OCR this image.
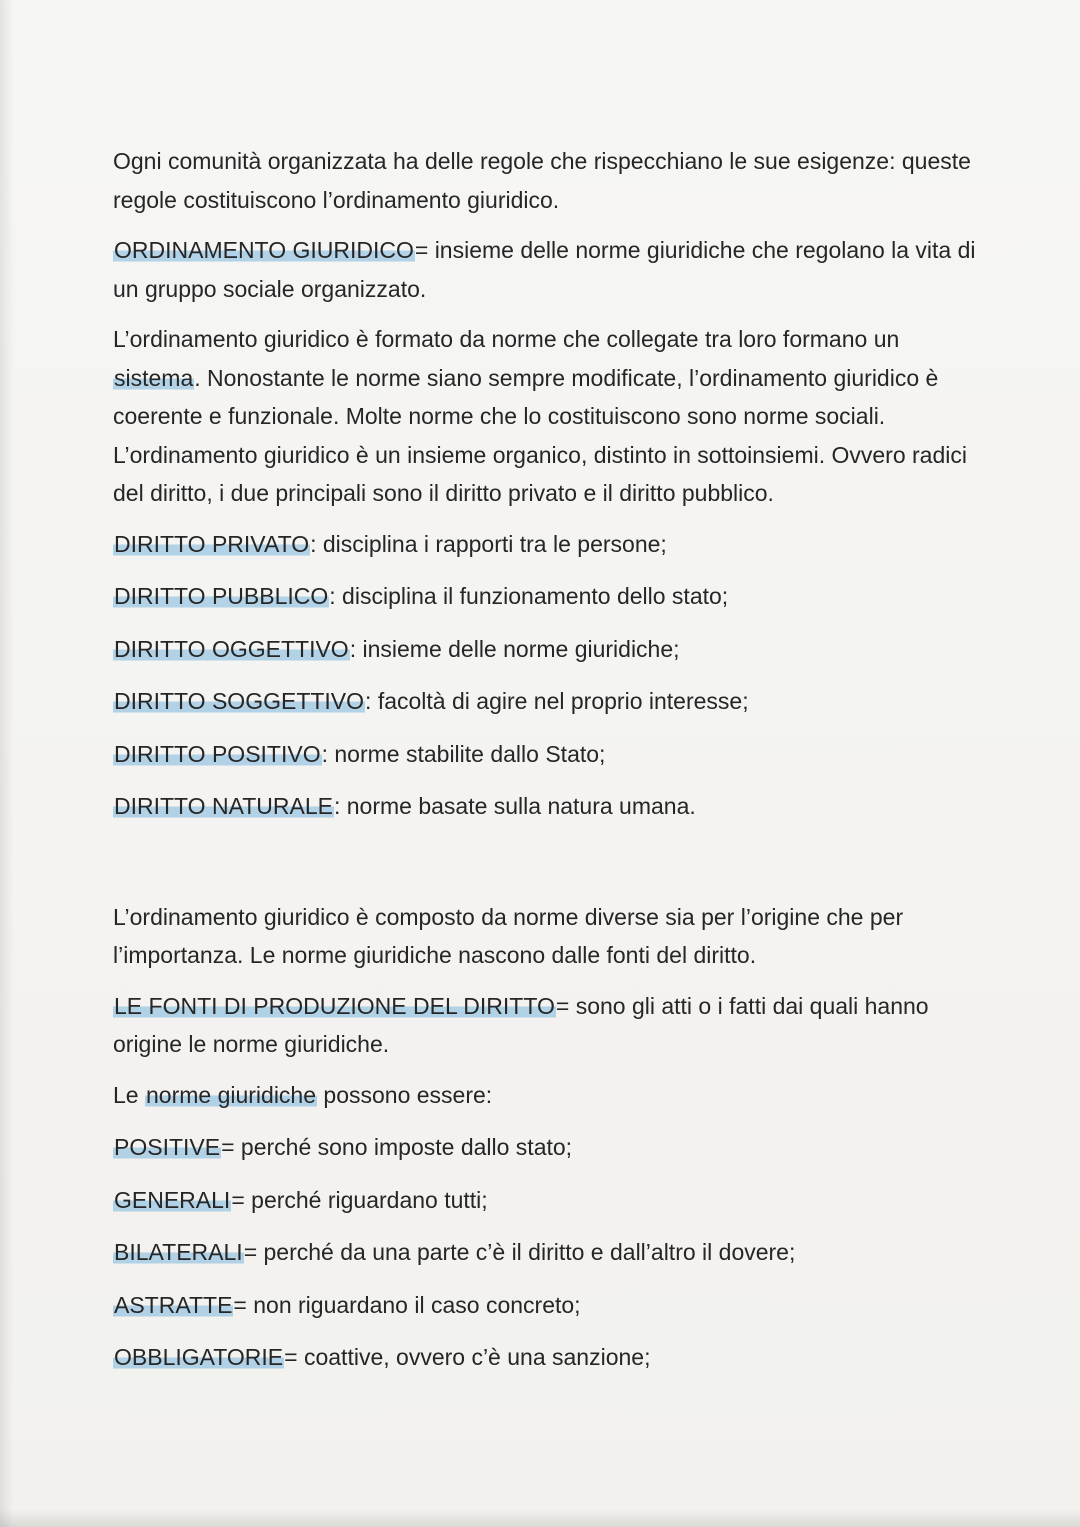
Ogni comunità organizzata ha delle regole che rispecchiano le sue esigenze: queste regole costituiscono l’ordinamento giuridico.

ORDINAMENTO GIURIDICO= insieme delle norme giuridiche che regolano la vita di un gruppo sociale organizzato.

L’ordinamento giuridico è formato da norme che collegate tra loro formano un sistema. Nonostante le norme siano sempre modificate, l’ordinamento giuridico è coerente e funzionale. Molte norme che lo costituiscono sono norme sociali. L’ordinamento giuridico è un insieme organico, distinto in sottoinsiemi. Ovvero radici del diritto, i due principali sono il diritto privato e il diritto pubblico.

DIRITTO PRIVATO: disciplina i rapporti tra le persone;

DIRITTO PUBBLICO: disciplina il funzionamento dello stato;

DIRITTO OGGETTIVO: insieme delle norme giuridiche;

DIRITTO SOGGETTIVO: facoltà di agire nel proprio interesse;

DIRITTO POSITIVO: norme stabilite dallo Stato;

DIRITTO NATURALE: norme basate sulla natura umana.

L’ordinamento giuridico è composto da norme diverse sia per l’origine che per l’importanza. Le norme giuridiche nascono dalle fonti del diritto.

LE FONTI DI PRODUZIONE DEL DIRITTO= sono gli atti o i fatti dai quali hanno origine le norme giuridiche.

Le norme giuridiche possono essere:

POSITIVE= perché sono imposte dallo stato;

GENERALI= perché riguardano tutti;

BILATERALI= perché da una parte c’è il diritto e dall’altro il dovere;

ASTRATTE= non riguardano il caso concreto;

OBBLIGATORIE= coattive, ovvero c’è una sanzione;
